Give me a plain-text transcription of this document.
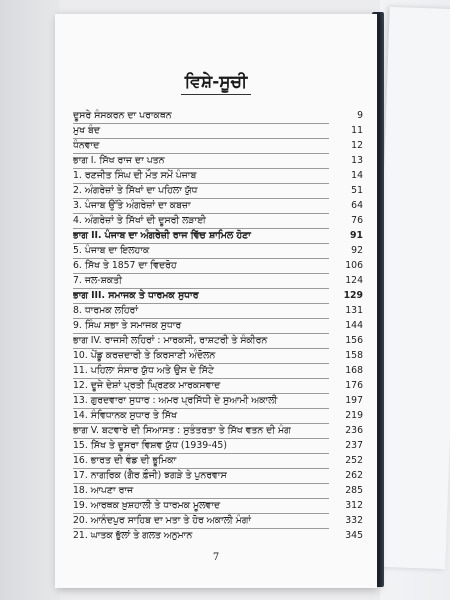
ਵਿਸ਼ੇ-ਸੂਚੀ
ਦੂਸਰੇ ਸੰਸਕਰਨ ਦਾ ਪਰਾਕਥਨ	9
ਮੁਖ ਬੰਦ	11
ਧੰਨਵਾਦ	12
ਭਾਗ I. ਸਿੱਖ ਰਾਜ ਦਾ ਪਤਨ	13
1. ਰਣਜੀਤ ਸਿੰਘ ਦੀ ਮੌਤ ਸਮੇਂ ਪੰਜਾਬ	14
2. ਅੰਗਰੇਜ਼ਾਂ ਤੇ ਸਿੱਖਾਂ ਦਾ ਪਹਿਲਾ ਯੁੱਧ	51
3. ਪੰਜਾਬ ਉੱਤੇ ਅੰਗਰੇਜ਼ਾਂ ਦਾ ਕਬਜ਼ਾ	64
4. ਅੰਗਰੇਜ਼ਾਂ ਤੇ ਸਿੱਖਾਂ ਦੀ ਦੂਸਰੀ ਲੜਾਈ	76
ਭਾਗ II. ਪੰਜਾਬ ਦਾ ਅੰਗਰੇਜ਼ੀ ਰਾਜ ਵਿੱਚ ਸ਼ਾਮਿਲ ਹੋਣਾ	91
5. ਪੰਜਾਬ ਦਾ ਇਲਹਾਕ	92
6. ਸਿੱਖ ਤੇ 1857 ਦਾ ਵਿਦਰੋਹ	106
7. ਜਲ-ਸ਼ਕਤੀ	124
ਭਾਗ III. ਸਮਾਜਕ ਤੇ ਧਾਰਮਕ ਸੁਧਾਰ	129
8. ਧਾਰਮਕ ਲਹਿਰਾਂ	131
9. ਸਿੰਘ ਸਭਾ ਤੇ ਸਮਾਜਕ ਸੁਧਾਰ	144
ਭਾਗ IV. ਰਾਜਸੀ ਲਹਿਰਾਂ : ਮਾਰਕਸੀ, ਰਾਸ਼ਟਰੀ ਤੇ ਸੰਕੀਰਨ	156
10. ਪੇਂਡੂ ਕਰਜ਼ਦਾਰੀ ਤੇ ਕਿਰਸਾਣੀ ਅੰਦੋਲਨ	158
11. ਪਹਿਲਾ ਸੰਸਾਰ ਯੁੱਧ ਅਤੇ ਉਸ ਦੇ ਸਿੱਟੇ	168
12. ਦੂਜੇ ਦੇਸ਼ਾਂ ਪ੍ਰਤੀ ਘ੍ਰਿਣਕ ਮਾਰਕਸਵਾਦ	176
13. ਗੁਰਦਵਾਰਾ ਸੁਧਾਰ : ਅਮਰ ਪ੍ਰਸਿੱਧੀ ਦੇ ਸੁਆਮੀ ਅਕਾਲੀ	197
14. ਸੰਵਿਧਾਨਕ ਸੁਧਾਰ ਤੇ ਸਿੱਖ	219
ਭਾਗ V. ਬਟਵਾਰੇ ਦੀ ਸਿਆਸਤ : ਸੁਤੰਤਰਤਾ ਤੇ ਸਿੱਖ ਵਤਨ ਦੀ ਮੰਗ	236
15. ਸਿੱਖ ਤੇ ਦੂਸਰਾ ਵਿਸ਼ਵ ਯੁੱਧ (1939-45)	237
16. ਭਾਰਤ ਦੀ ਵੰਡ ਦੀ ਭੂਮਿਕਾ	252
17. ਨਾਗਰਿਕ (ਗੈਰ ਫ਼ੌਜੀ) ਝਗੜੇ ਤੇ ਪੁਨਰਵਾਸ	262
18. ਆਪਣਾ ਰਾਜ	285
19. ਆਰਥਕ ਖ਼ੁਸ਼ਹਾਲੀ ਤੇ ਧਾਰਮਕ ਮੂਲਵਾਦ	312
20. ਆਨੰਦਪੁਰ ਸਾਹਿਬ ਦਾ ਮਤਾ ਤੇ ਹੋਰ ਅਕਾਲੀ ਮੰਗਾਂ	332
21. ਘਾਤਕ ਭੁੱਲਾਂ ਤੇ ਗਲਤ ਅਨੁਮਾਨ	345
7
